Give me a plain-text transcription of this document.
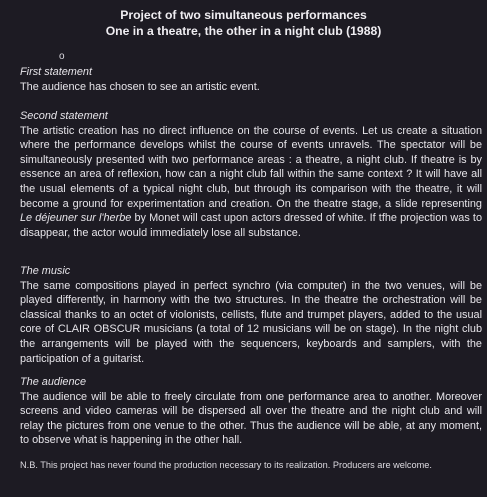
Project of two simultaneous performances
One in a theatre, the other in a night club (1988)
o

First statement

The audience has chosen to see an artistic event.

Second statement

The artistic creation has no direct influence on the course of events. Let us create a situation where the performance develops whilst the course of events unravels. The spectator will be simultaneously presented with two performance areas : a theatre, a night club. If theatre is by essence an area of reflexion, how can a night club fall within the same context ? It will have all the usual elements of a typical night club, but through its comparison with the theatre, it will become a ground for experimentation and creation. On the theatre stage, a slide representing Le déjeuner sur l'herbe by Monet will cast upon actors dressed of white. If tfhe projection was to disappear, the actor would immediately lose all substance.

The music

The same compositions played in perfect synchro (via computer) in the two venues, will be played differently, in harmony with the two structures. In the theatre the orchestration will be classical thanks to an octet of violonists, cellists, flute and trumpet players, added to the usual core of CLAIR OBSCUR musicians (a total of 12 musicians will be on stage). In the night club the arrangements will be played with the sequencers, keyboards and samplers, with the participation of a guitarist.

The audience

The audience will be able to freely circulate from one performance area to another. Moreover screens and video cameras will be dispersed all over the theatre and the night club and will relay the pictures from one venue to the other. Thus the audience will be able, at any moment, to observe what is happening in the other hall.

N.B. This project has never found the production necessary to its realization. Producers are welcome.
